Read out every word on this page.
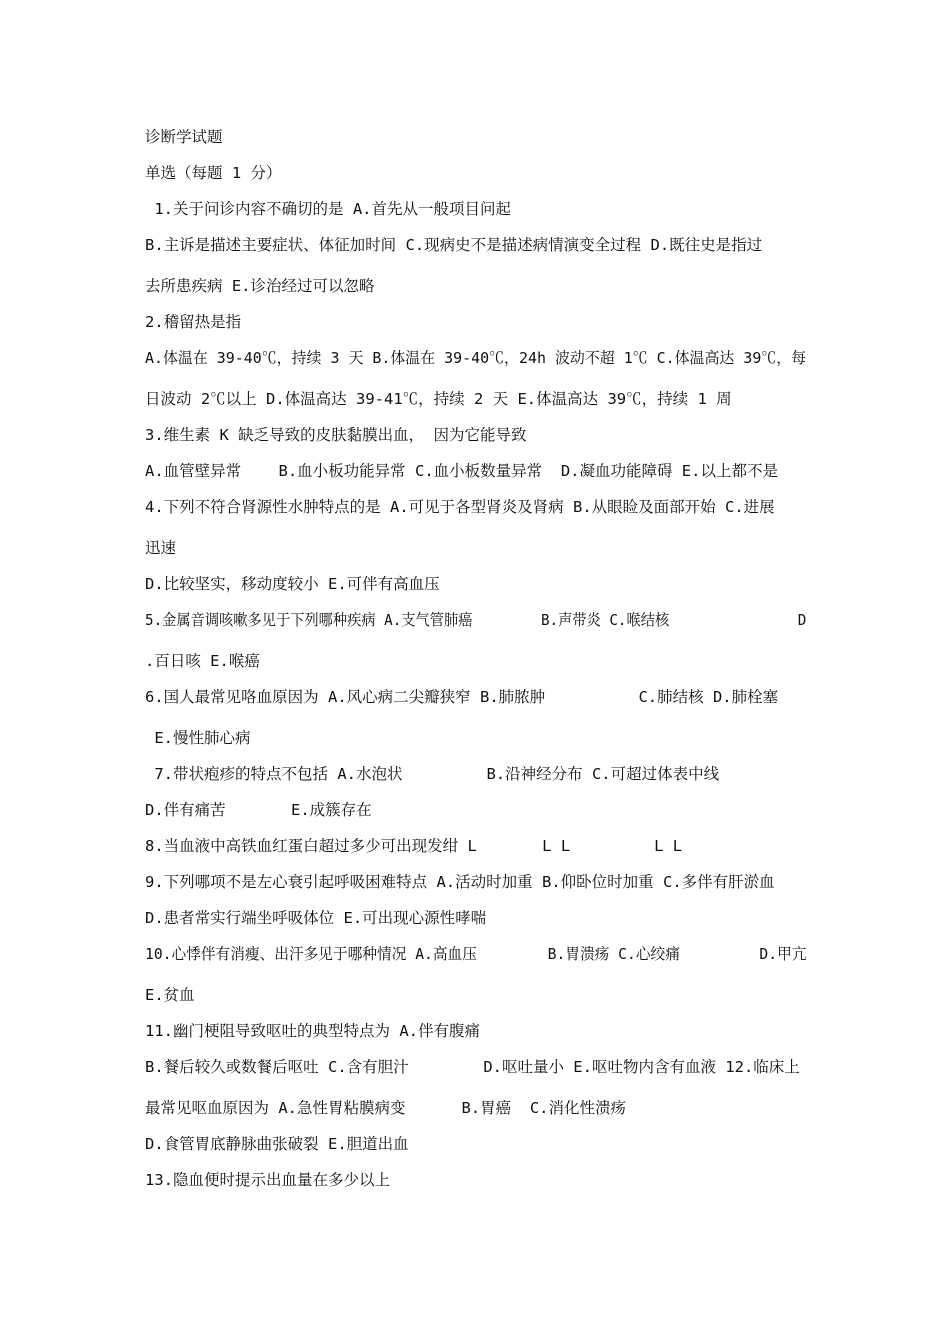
诊断学试题

单选（每题 1 分）

1.关于问诊内容不确切的是 A.首先从一般项目问起

B.主诉是描述主要症状、体征加时间 C.现病史不是描述病情演变全过程 D.既往史是指过

去所患疾病 E.诊治经过可以忽略

2.稽留热是指

A.体温在 39-40℃，持续 3 天 B.体温在 39-40℃，24h 波动不超 1℃ C.体温高达 39℃，每

日波动 2℃以上 D.体温高达 39-41℃，持续 2 天 E.体温高达 39℃，持续 1 周

3.维生素 K 缺乏导致的皮肤黏膜出血， 因为它能导致

A.血管壁异常    B.血小板功能异常 C.血小板数量异常  D.凝血功能障碍 E.以上都不是

4.下列不符合肾源性水肿特点的是 A.可见于各型肾炎及肾病 B.从眼睑及面部开始 C.进展

迅速

D.比较坚实，移动度较小 E.可伴有高血压

5.金属音调咳嗽多见于下列哪种疾病 A.支气管肺癌        B.声带炎 C.喉结核               D

.百日咳 E.喉癌

6.国人最常见咯血原因为 A.风心病二尖瓣狭窄 B.肺脓肿          C.肺结核 D.肺栓塞

E.慢性肺心病

7.带状疱疹的特点不包括 A.水泡状         B.沿神经分布 C.可超过体表中线

D.伴有痛苦       E.成簇存在

8.当血液中高铁血红蛋白超过多少可出现发绀 L       L L         L L

9.下列哪项不是左心衰引起呼吸困难特点 A.活动时加重 B.仰卧位时加重 C.多伴有肝淤血

D.患者常实行端坐呼吸体位 E.可出现心源性哮喘

10.心悸伴有消瘦、出汗多见于哪种情况 A.高血压        B.胃溃疡 C.心绞痛         D.甲亢

E.贫血

11.幽门梗阻导致呕吐的典型特点为 A.伴有腹痛

B.餐后较久或数餐后呕吐 C.含有胆汁        D.呕吐量小 E.呕吐物内含有血液 12.临床上

最常见呕血原因为 A.急性胃粘膜病变      B.胃癌  C.消化性溃疡

D.食管胃底静脉曲张破裂 E.胆道出血

13.隐血便时提示出血量在多少以上
